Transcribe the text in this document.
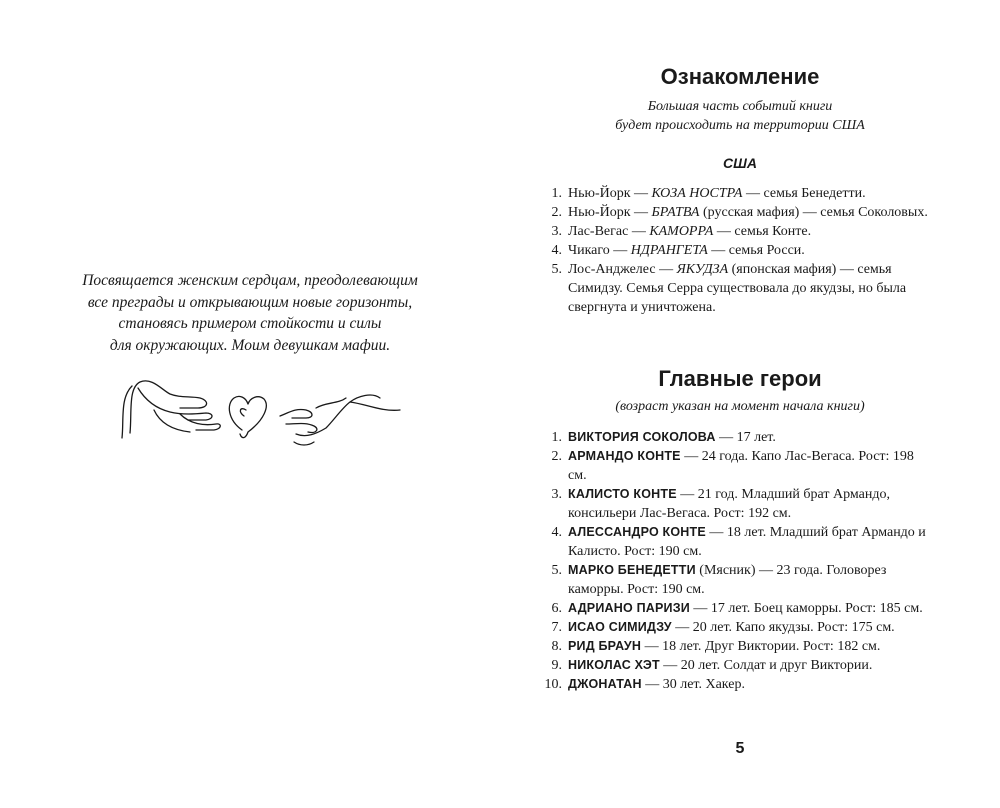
Посвящается женским сердцам, преодолевающим
все преграды и открывающим новые горизонты,
становясь примером стойкости и силы
для окружающих. Моим девушкам мафии.
Ознакомление
Большая часть событий книги
будет происходить на территории США
США
1. Нью-Йорк — КОЗА НОСТРА — семья Бенедетти.
2. Нью-Йорк — БРАТВА (русская мафия) — семья Соколовых.
3. Лас-Вегас — КАМОРРА — семья Конте.
4. Чикаго — НДРАНГЕТА — семья Росси.
5. Лос-Анджелес — ЯКУДЗА (японская мафия) — семья Симидзу. Семья Серра существовала до якудзы, но была свергнута и уничтожена.
Главные герои
(возраст указан на момент начала книги)
1. ВИКТОРИЯ СОКОЛОВА — 17 лет.
2. АРМАНДО КОНТЕ — 24 года. Капо Лас-Вегаса. Рост: 198 см.
3. КАЛИСТО КОНТЕ — 21 год. Младший брат Армандо, консильери Лас-Вегаса. Рост: 192 см.
4. АЛЕССАНДРО КОНТЕ — 18 лет. Младший брат Армандо и Калисто. Рост: 190 см.
5. МАРКО БЕНЕДЕТТИ (Мясник) — 23 года. Головорез каморры. Рост: 190 см.
6. АДРИАНО ПАРИЗИ — 17 лет. Боец каморры. Рост: 185 см.
7. ИСАО СИМИДЗУ — 20 лет. Капо якудзы. Рост: 175 см.
8. РИД БРАУН — 18 лет. Друг Виктории. Рост: 182 см.
9. НИКОЛАС ХЭТ — 20 лет. Солдат и друг Виктории.
10. ДЖОНАТАН — 30 лет. Хакер.
5
